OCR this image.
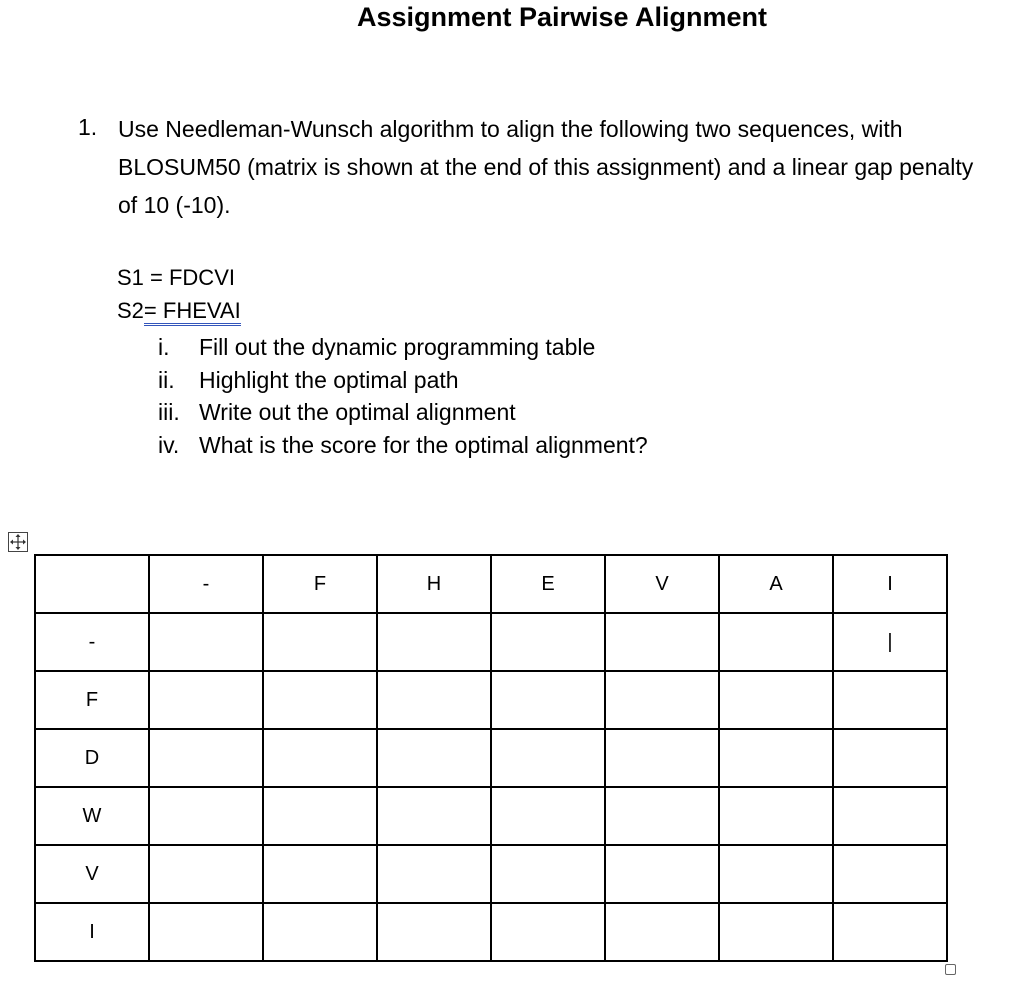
Assignment Pairwise Alignment
1. Use Needleman-Wunsch algorithm to align the following two sequences, with BLOSUM50 (matrix is shown at the end of this assignment) and a linear gap penalty of 10 (-10).
S1 = FDCVI
S2= FHEVAI
i.	Fill out the dynamic programming table
ii.	Highlight the optimal path
iii. Write out the optimal alignment
iv. What is the score for the optimal alignment?
	-	F	H	E	V	A	I
-							|
F							
D							
W							
V							
I							
